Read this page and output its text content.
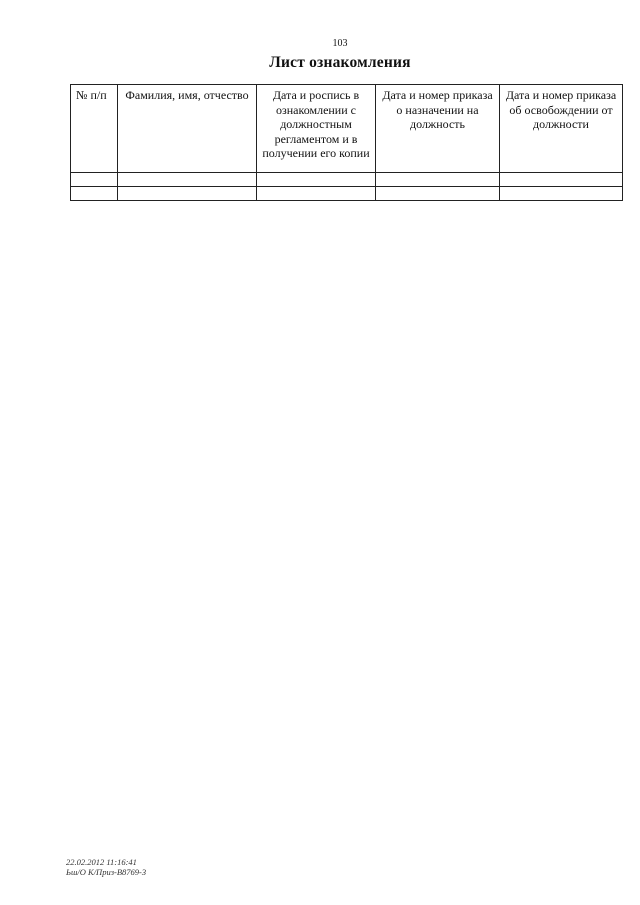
103
Лист ознакомления
№ п/п	Фамилия, имя, отчество	Дата и роспись в ознакомлении с должностным регламентом и в получении его копии	Дата и номер приказа о назначении на должность	Дата и номер приказа об освобождении от должности

22.02.2012 11:16:41
Ьш/О К/Приз-В8769-3
